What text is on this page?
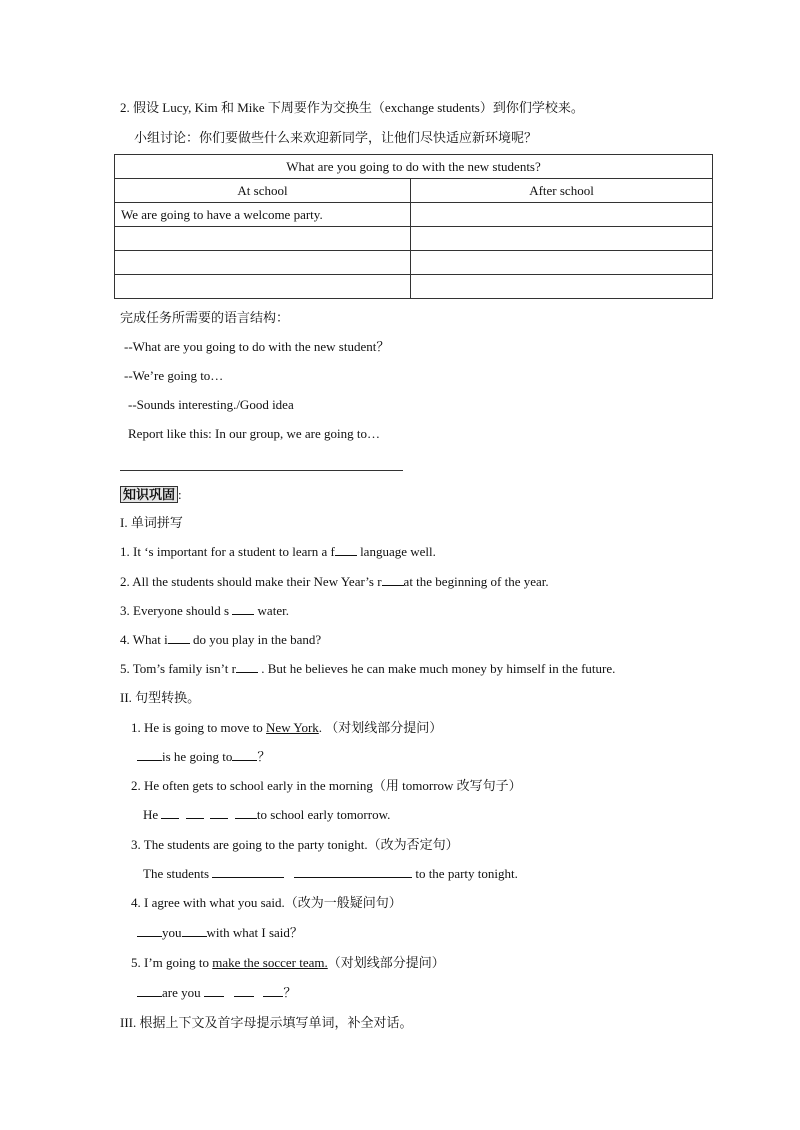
2. 假设 Lucy, Kim 和 Mike 下周要作为交换生（exchange students）到你们学校来。
小组讨论：你们要做些什么来欢迎新同学，让他们尽快适应新环境呢？
What are you going to do with the new students?	
At school	After school
We are going to have a welcome party.	

完成任务所需要的语言结构：
--What are you going to do with the new student？
--We’re going to…
--Sounds interesting./Good idea
Report like this: In our group, we are going to…
知识巩固 :
I. 单词拼写
1. It ‘s important for a student to learn a f language well.
2. All the students should make their New Year’s r at the beginning of the year.
3. Everyone should s  water.
4. What i do you play in the band?
5. Tom’s family isn’t r . But he believes he can make much money by himself in the future.
II. 句型转换。
1. He is going to move to New York. （对划线部分提问）
is he going to ？
2. He often gets to school early in the morning（用 tomorrow 改写句子）
He	to school early tomorrow.
3. The students are going to the party tonight.（改为否定句）
The students	to the party tonight.
4. I agree with what you said.（改为一般疑问句）
you with what I said？
5. I’m going to make the soccer team.（对划线部分提问）
are you	？
III. 根据上下文及首字母提示填写单词，补全对话。
